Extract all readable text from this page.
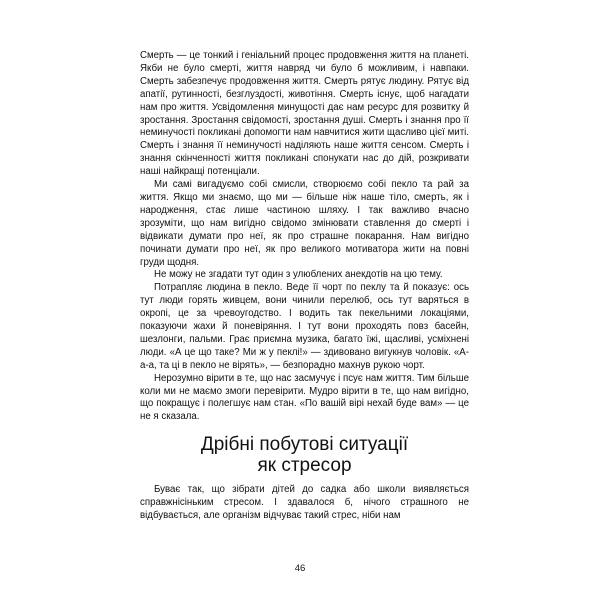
Смерть — це тонкий і геніальний процес продовження життя на планеті. Якби не було смерті, життя навряд чи було б можливим, і навпаки. Смерть забезпечує продовження життя. Смерть рятує людину. Рятує від апатії, рутинності, безглуздості, животіння. Смерть існує, щоб нагадати нам про життя. Усвідомлення минущості дає нам ресурс для розвитку й зростання. Зростання свідомості, зростання душі. Смерть і знання про її неминучості покликані допомогти нам навчитися жити щасливо цієї миті. Смерть і знання її неминучості наділяють наше життя сенсом. Смерть і знання скінченності життя покликані спонукати нас до дій, розкривати наші найкращі потенціали.

Ми самі вигадуємо собі смисли, створюємо собі пекло та рай за життя. Якщо ми знаємо, що ми — більше ніж наше тіло, смерть, як і народження, стає лише частиною шляху. І так важливо вчасно зрозуміти, що нам вигідно свідомо змінювати ставлення до смерті і відвикати думати про неї, як про страшне покарання. Нам вигідно починати думати про неї, як про великого мотиватора жити на повні груди щодня.

Не можу не згадати тут один з улюблених анекдотів на цю тему.

Потрапляє людина в пекло. Веде її чорт по пеклу та й показує: ось тут люди горять живцем, вони чинили перелюб, ось тут варяться в окропі, це за чревоугодство. І водить так пекельними локаціями, показуючи жахи й поневіряння. І тут вони проходять повз басейн, шезлонги, пальми. Грає приємна музика, багато їжі, щасливі, усміхнені люди. «А це що таке? Ми ж у пеклі!» — здивовано вигукнув чоловік. «А-а-а, та ці в пекло не вірять», — безпорадно махнув рукою чорт.

Нерозумно вірити в те, що нас засмучує і псує нам життя. Тим більше коли ми не маємо змоги перевірити. Мудро вірити в те, що нам вигідно, що покращує і полегшує нам стан. «По вашій вірі нехай буде вам» — це не я сказала.

Дрібні побутові ситуації
як стресор

Буває так, що зібрати дітей до садка або школи виявляється справжнісіньким стресом. І здавалося б, нічого страшного не відбувається, але організм відчуває такий стрес, ніби нам

46
